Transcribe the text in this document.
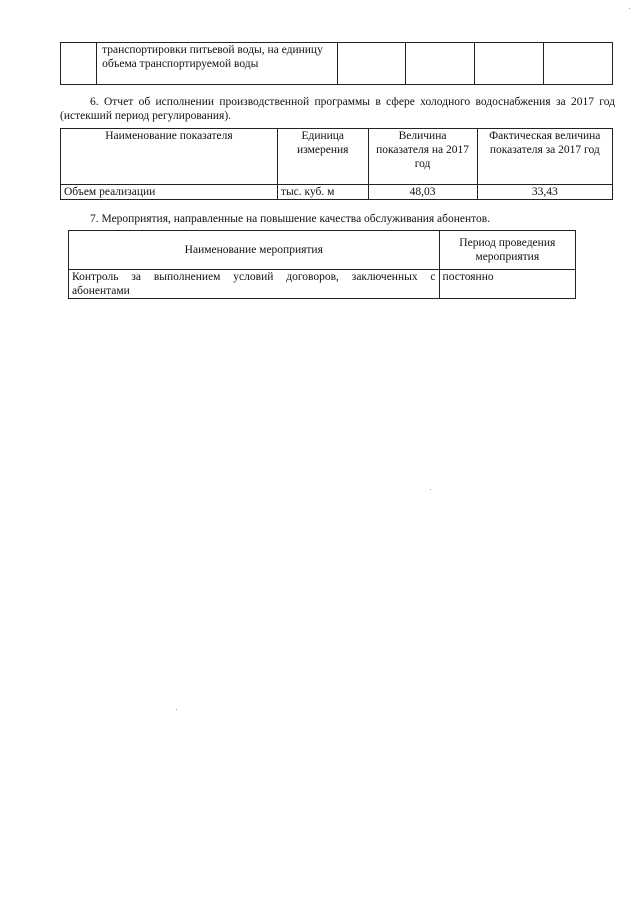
	транспортировки питьевой воды, на единицу объема транспортируемой воды				
6. Отчет об исполнении производственной программы в сфере холодного водоснабжения за 2017 год (истекший период регулирования).
Наименование показателя	Единица измерения	Величина показателя на 2017 год	Фактическая величина показателя за 2017 год
Объем реализации	тыс. куб. м	48,03	33,43
7. Мероприятия, направленные на повышение качества обслуживания абонентов.
Наименование мероприятия	Период проведения мероприятия
Контроль за выполнением условий договоров, заключенных с абонентами	постоянно
